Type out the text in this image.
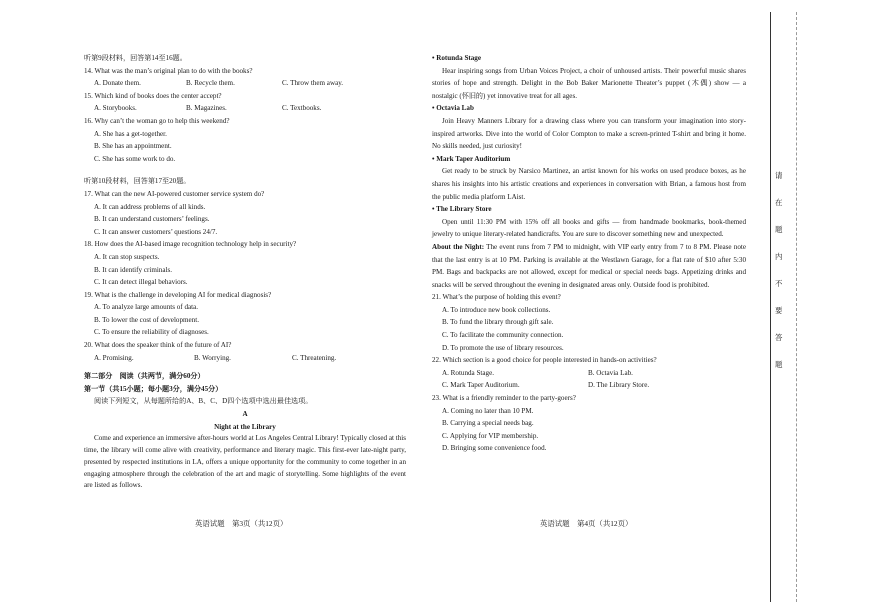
听第9段材料，回答第14至16题。
14. What was the man’s original plan to do with the books?
A. Donate them.	B. Recycle them.	C. Throw them away.
15. Which kind of books does the center accept?
A. Storybooks.	B. Magazines.	C. Textbooks.
16. Why can’t the woman go to help this weekend?
A. She has a get-together.
B. She has an appointment.
C. She has some work to do.
听第10段材料，回答第17至20题。
17. What can the new AI-powered customer service system do?
A. It can address problems of all kinds.
B. It can understand customers’ feelings.
C. It can answer customers’ questions 24/7.
18. How does the AI-based image recognition technology help in security?
A. It can stop suspects.
B. It can identify criminals.
C. It can detect illegal behaviors.
19. What is the challenge in developing AI for medical diagnosis?
A. To analyze large amounts of data.
B. To lower the cost of development.
C. To ensure the reliability of diagnoses.
20. What does the speaker think of the future of AI?
A. Promising.	B. Worrying.	C. Threatening.
第二部分　阅读（共两节，满分60分）
第一节（共15小题；每小题3分，满分45分）
阅读下列短文，从每题所给的A、B、C、D四个选项中选出最佳选项。
A
Night at the Library
Come and experience an immersive after-hours world at Los Angeles Central Library! Typically closed at this time, the library will come alive with creativity, performance and literary magic. This first-ever late-night party, presented by respected institutions in LA, offers a unique opportunity for the community to come together in an engaging atmosphere through the celebration of the art and magic of storytelling. Some highlights of the event are listed as follows.
• Rotunda Stage
Hear inspiring songs from Urban Voices Project, a choir of unhoused artists. Their powerful music shares stories of hope and strength. Delight in the Bob Baker Marionette Theater’s puppet (木偶) show — a nostalgic (怀旧的) yet innovative treat for all ages.
• Octavia Lab
Join Heavy Manners Library for a drawing class where you can transform your imagination into story-inspired artworks. Dive into the world of Color Compton to make a screen-printed T-shirt and bring it home. No skills needed, just curiosity!
• Mark Taper Auditorium
Get ready to be struck by Narsico Martinez, an artist known for his works on used produce boxes, as he shares his insights into his artistic creations and experiences in conversation with Brian, a famous host from the public media platform LAist.
• The Library Store
Open until 11:30 PM with 15% off all books and gifts — from handmade bookmarks, book-themed jewelry to unique literary-related handicrafts. You are sure to discover something new and unexpected.
About the Night: The event runs from 7 PM to midnight, with VIP early entry from 7 to 8 PM. Please note that the last entry is at 10 PM. Parking is available at the Westlawn Garage, for a flat rate of $10 after 5:30 PM. Bags and backpacks are not allowed, except for medical or special needs bags. Appetizing drinks and snacks will be served throughout the evening in designated areas only. Outside food is prohibited.
21. What’s the purpose of holding this event?
A. To introduce new book collections.
B. To fund the library through gift sale.
C. To facilitate the community connection.
D. To promote the use of library resources.
22. Which section is a good choice for people interested in hands-on activities?
A. Rotunda Stage.	B. Octavia Lab.
C. Mark Taper Auditorium.	D. The Library Store.
23. What is a friendly reminder to the party-goers?
A. Coming no later than 10 PM.
B. Carrying a special needs bag.
C. Applying for VIP membership.
D. Bringing some convenience food.
英语试题　第3页（共12页）	英语试题　第4页（共12页）
请
在
题
内
不
要
答
题
